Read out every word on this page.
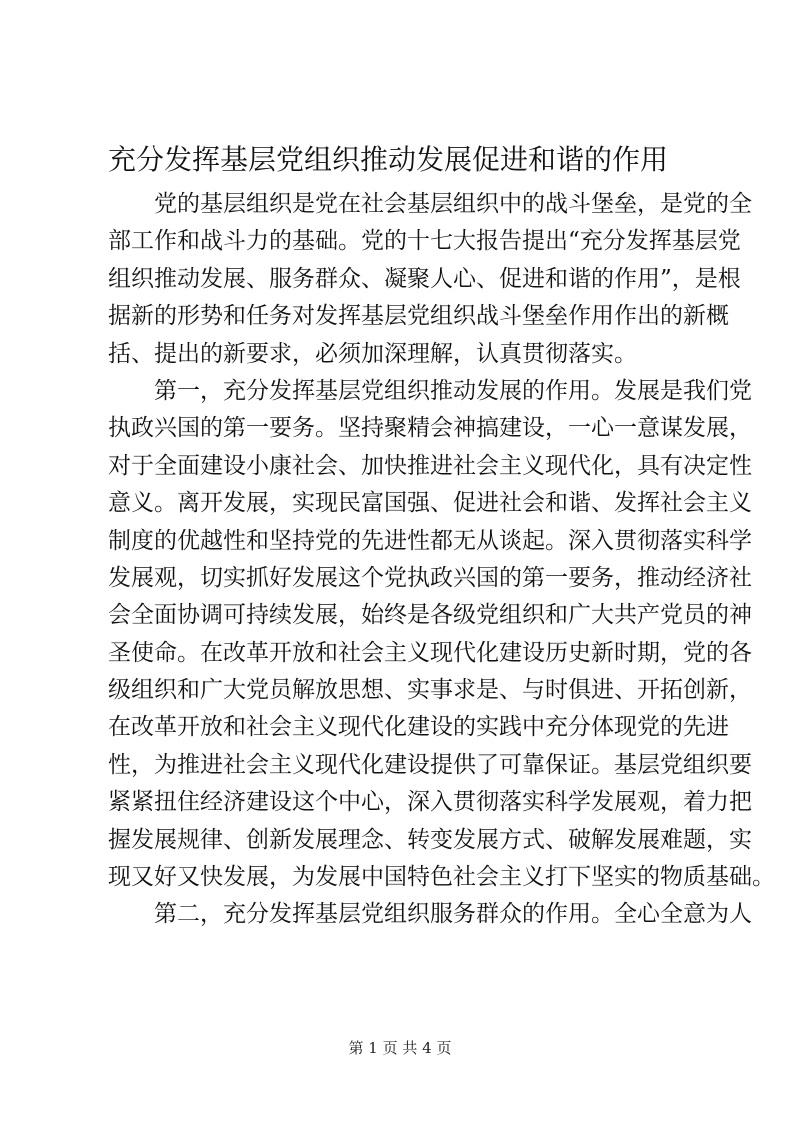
充分发挥基层党组织推动发展促进和谐的作用
党的基层组织是党在社会基层组织中的战斗堡垒，是党的全
部工作和战斗力的基础。党的十七大报告提出“充分发挥基层党
组织推动发展、服务群众、凝聚人心、促进和谐的作用”，是根
据新的形势和任务对发挥基层党组织战斗堡垒作用作出的新概
括、提出的新要求，必须加深理解，认真贯彻落实。
第一，充分发挥基层党组织推动发展的作用。发展是我们党
执政兴国的第一要务。坚持聚精会神搞建设，一心一意谋发展，
对于全面建设小康社会、加快推进社会主义现代化，具有决定性
意义。离开发展，实现民富国强、促进社会和谐、发挥社会主义
制度的优越性和坚持党的先进性都无从谈起。深入贯彻落实科学
发展观，切实抓好发展这个党执政兴国的第一要务，推动经济社
会全面协调可持续发展，始终是各级党组织和广大共产党员的神
圣使命。在改革开放和社会主义现代化建设历史新时期，党的各
级组织和广大党员解放思想、实事求是、与时俱进、开拓创新，
在改革开放和社会主义现代化建设的实践中充分体现党的先进
性，为推进社会主义现代化建设提供了可靠保证。基层党组织要
紧紧扭住经济建设这个中心，深入贯彻落实科学发展观，着力把
握发展规律、创新发展理念、转变发展方式、破解发展难题，实
现又好又快发展，为发展中国特色社会主义打下坚实的物质基础。
第二，充分发挥基层党组织服务群众的作用。全心全意为人
第 1 页 共 4 页
